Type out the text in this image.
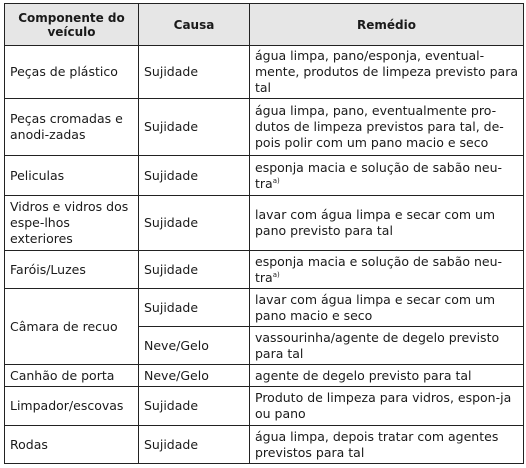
Componente do veículo	Causa	Remédio
Peças de plástico	Sujidade	água limpa, pano/esponja, eventual-mente, produtos de limpeza previsto para tal
Peças cromadas e anodi-zadas	Sujidade	água limpa, pano, eventualmente pro-dutos de limpeza previstos para tal, de-pois polir com um pano macio e seco
Peliculas	Sujidade	esponja macia e solução de sabão neu-tra$^{a)}$
Vidros e vidros dos espe-lhos exteriores	Sujidade	lavar com água limpa e secar com um pano previsto para tal
Faróis/Luzes	Sujidade	esponja macia e solução de sabão neu-tra$^{a)}$
Câmara de recuo	Sujidade	lavar com água limpa e secar com um pano macio e seco
	Neve/Gelo	vassourinha/agente de degelo previsto para tal
Canhão de porta	Neve/Gelo	agente de degelo previsto para tal
Limpador/escovas	Sujidade	Produto de limpeza para vidros, espon-ja ou pano
Rodas	Sujidade	água limpa, depois tratar com agentes previstos para tal
